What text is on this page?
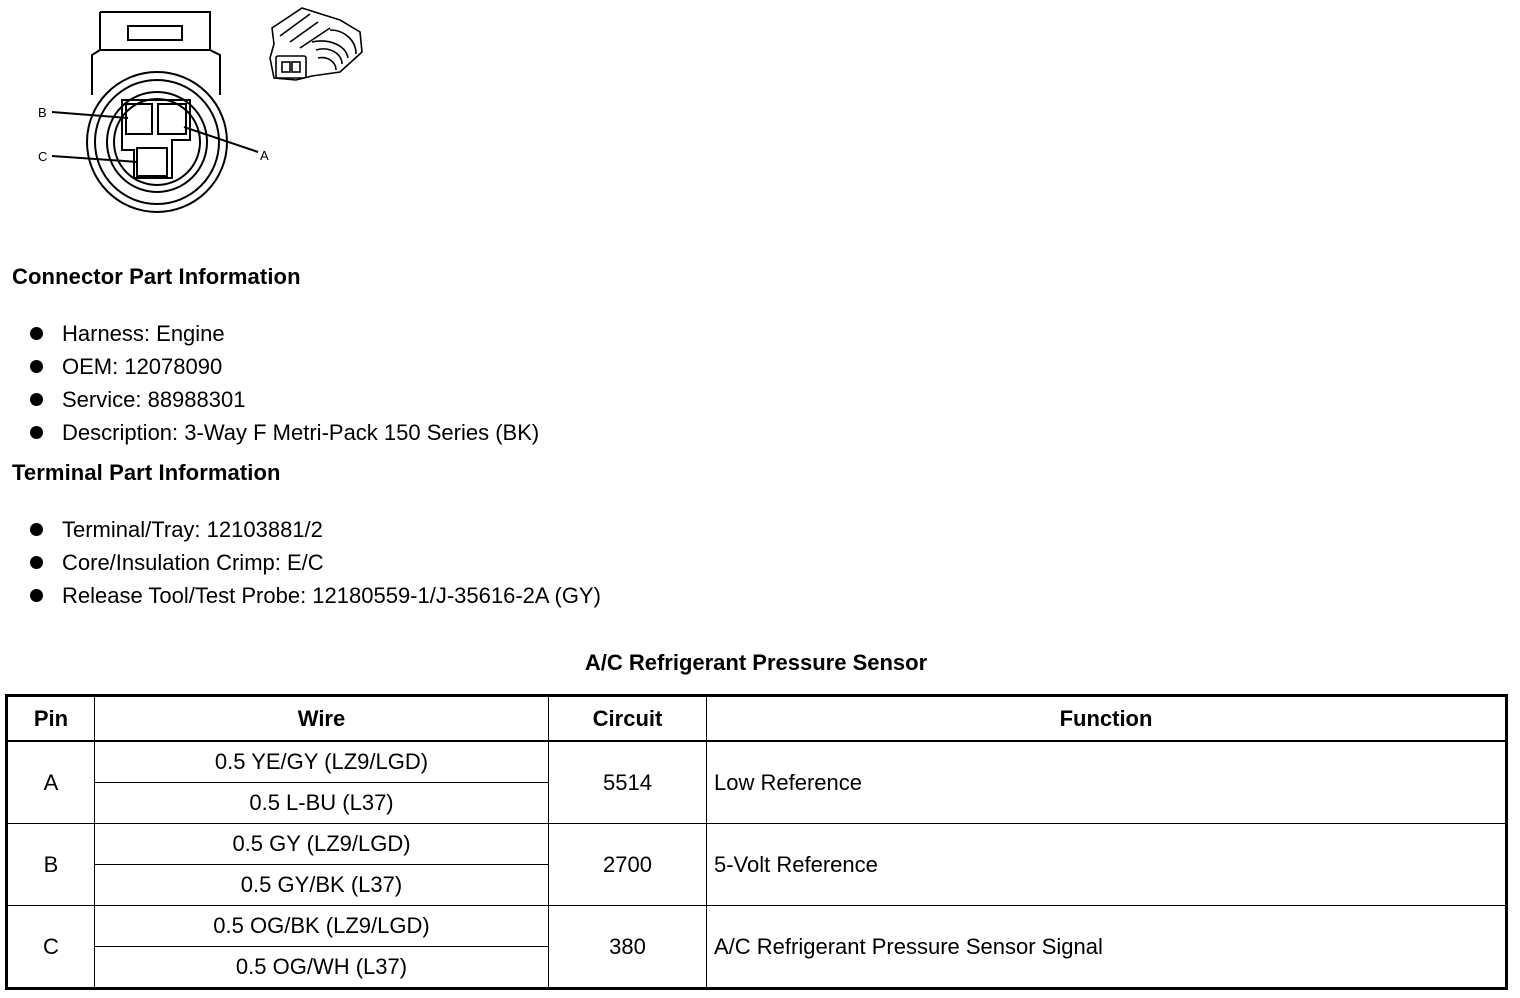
B
C	A
Connector Part Information
Harness: Engine
OEM: 12078090
Service: 88988301
Description: 3-Way F Metri-Pack 150 Series (BK)
Terminal Part Information
Terminal/Tray: 12103881/2
Core/Insulation Crimp: E/C
Release Tool/Test Probe: 12180559-1/J-35616-2A (GY)
A/C Refrigerant Pressure Sensor
Pin	Wire	Circuit	Function
A	0.5 YE/GY (LZ9/LGD)	5514	Low Reference
	0.5 L-BU (L37)		
B	0.5 GY (LZ9/LGD)	2700	5-Volt Reference
	0.5 GY/BK (L37)		
C	0.5 OG/BK (LZ9/LGD)	380	A/C Refrigerant Pressure Sensor Signal
	0.5 OG/WH (L37)		
